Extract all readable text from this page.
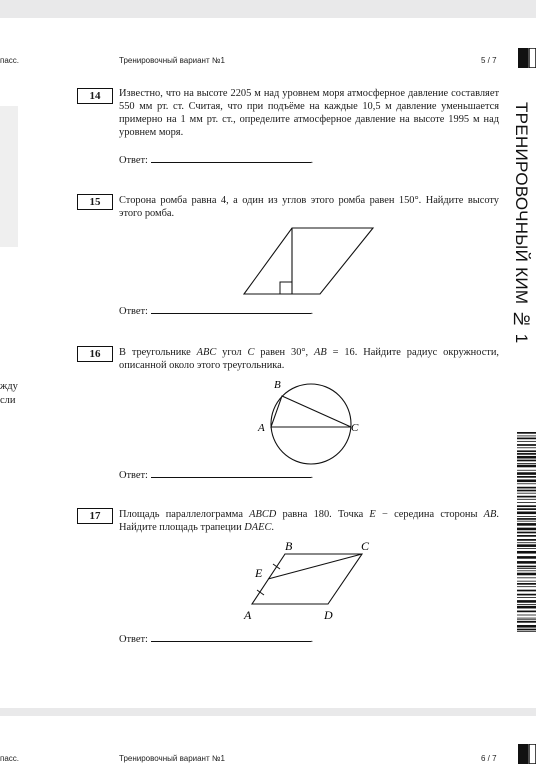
пасс.	Тренировочный вариант №1	5 / 7
жду
сли
ТРЕНИРОВОЧНЫЙ КИМ № 1
14	Известно, что на высоте 2205 м над уровнем моря атмосферное давление составляет 550 мм рт. ст. Считая, что при подъёме на каждые 10,5 м давление уменьшается примерно на 1 мм рт. ст., определите атмосферное давление на высоте 1995 м над уровнем моря.
Ответ:	.
15	Сторона ромба равна 4, а один из углов этого ромба равен 150°. Найдите высоту этого ромба.
Ответ:	.
16	В треугольнике ABC угол C равен 30°, AB = 16. Найдите радиус окружности, описанной около этого треугольника.
B
A	C
Ответ:	.
17	Площадь параллелограмма ABCD равна 180. Точка E − середина стороны AB. Найдите площадь трапеции DAEC.
B	C
E
A	D
Ответ:	.
пасс.	Тренировочный вариант №1	6 / 7
